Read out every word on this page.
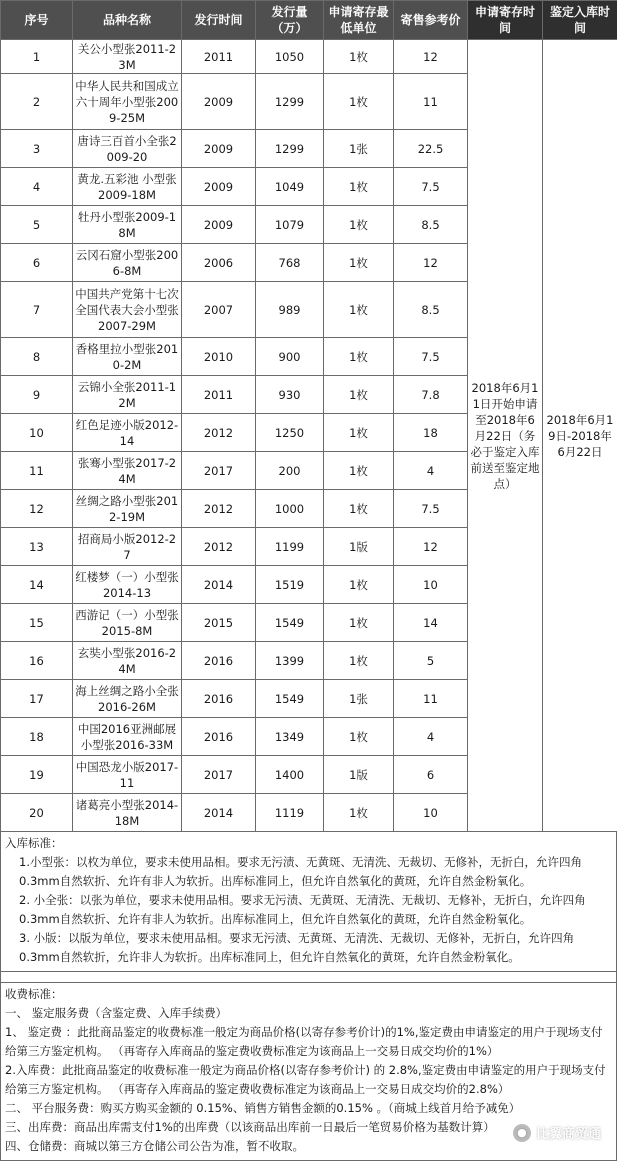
序号	品种名称	发行时间	发行量（万）	申请寄存最低单位	寄售参考价	申请寄存时间	鉴定入库时间
1	关公小型张2011-23M	2011	1050	1枚	12	2018年6月11日开始申请至2018年6月22日（务必于鉴定入库前送至鉴定地点）	2018年6月19日-2018年6月22日
2	中华人民共和国成立六十周年小型张2009-25M	2009	1299	1枚	11		
3	唐诗三百首小全张2009-20	2009	1299	1张	22.5		
4	黄龙.五彩池 小型张2009-18M	2009	1049	1枚	7.5		
5	牡丹小型张2009-18M	2009	1079	1枚	8.5		
6	云冈石窟小型张2006-8M	2006	768	1枚	12		
7	中国共产党第十七次全国代表大会小型张2007-29M	2007	989	1枚	8.5		
8	香格里拉小型张2010-2M	2010	900	1枚	7.5		
9	云锦小全张2011-12M	2011	930	1枚	7.8		
10	红色足迹小版2012-14	2012	1250	1枚	18		
11	张骞小型张2017-24M	2017	200	1枚	4		
12	丝绸之路小型张2012-19M	2012	1000	1枚	7.5		
13	招商局小版2012-27	2012	1199	1版	12		
14	红楼梦（一）小型张2014-13	2014	1519	1枚	10		
15	西游记（一）小型张2015-8M	2015	1549	1枚	14		
16	玄奘小型张2016-24M	2016	1399	1枚	5		
17	海上丝绸之路小全张2016-26M	2016	1549	1张	11		
18	中国2016亚洲邮展小型张2016-33M	2016	1349	1枚	4		
19	中国恐龙小版2017-11	2017	1400	1版	6		
20	诸葛亮小型张2014-18M	2014	1119	1枚	10		

入库标准：

1.小型张：以枚为单位，要求未使用品相。要求无污渍、无黄斑、无清洗、无裁切、无修补，无折白，允许四角0.3mm自然软折、允许有非人为软折。出库标准同上，但允许自然氧化的黄斑，允许自然金粉氧化。

2. 小全张：以张为单位，要求未使用品相。要求无污渍、无黄斑、无清洗、无裁切、无修补，无折白，允许四角0.3mm自然软折、允许有非人为软折。出库标准同上，但允许自然氧化的黄斑，允许自然金粉氧化。

3. 小版：以版为单位，要求未使用品相。要求无污渍、无黄斑、无清洗、无裁切、无修补，无折白，允许四角0.3mm自然软折，允许非人为软折。出库标准同上，但允许自然氧化的黄斑，允许自然金粉氧化。

收费标准：

一、 鉴定服务费（含鉴定费、入库手续费）

1、 鉴定费 ：此批商品鉴定的收费标准一般定为商品价格(以寄存参考价计)的1%,鉴定费由申请鉴定的用户于现场支付给第三方鉴定机构。 （再寄存入库商品的鉴定费收费标准定为该商品上一交易日成交均价的1%）

2.入库费：此批商品鉴定的收费标准一般定为商品价格(以寄存参考价计) 的 2.8%,鉴定费由申请鉴定的用户于现场支付给第三方鉴定机构。 （再寄存入库商品的鉴定费收费标准定为该商品上一交易日成交均价的2.8%）

二、 平台服务费：购买方购买金额的 0.15%、销售方销售金额的0.15% 。（商城上线首月给予减免）

三、出库费：商品出库需支付1%的出库费（以该商品出库前一日最后一笔贸易价格为基数计算）

四、仓储费：商城以第三方仓储公司公告为准，暂不收取。

● 比翼商贸通
